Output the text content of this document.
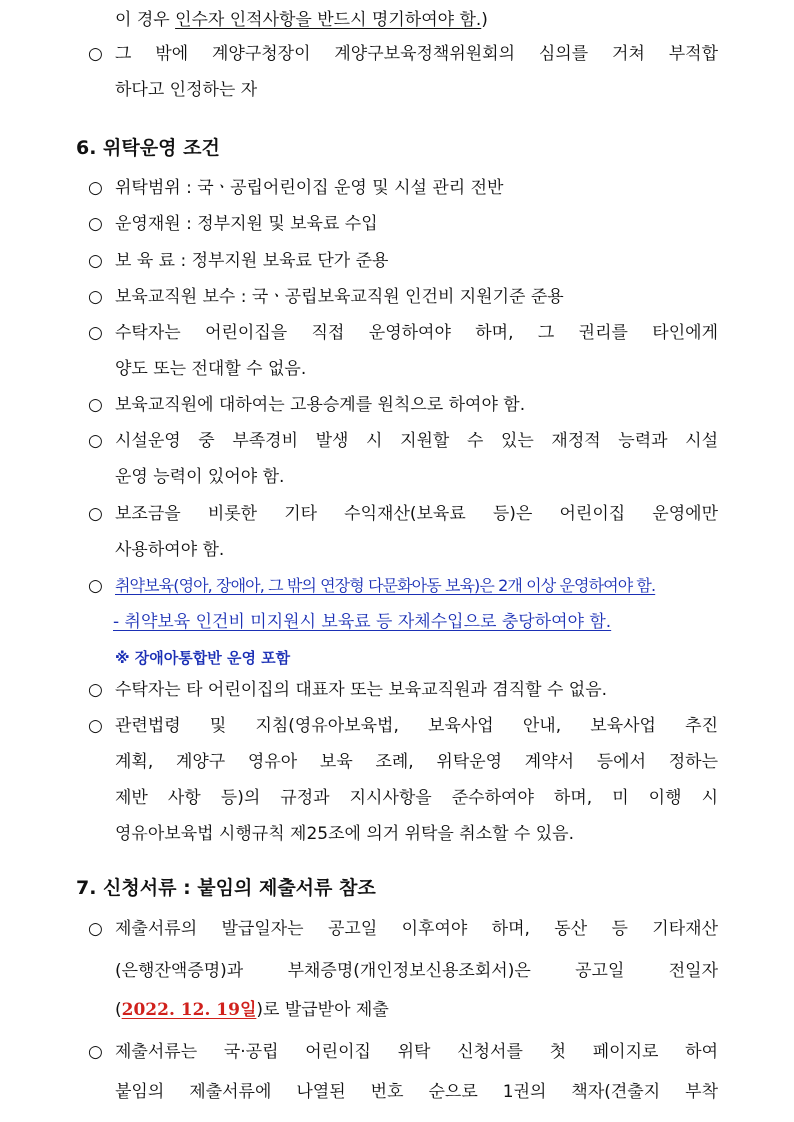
이 경우 인수자 인적사항을 반드시 명기하여야 함.)
○ 그 밖에 계양구청장이 계양구보육정책위원회의 심의를 거쳐 부적합
하다고 인정하는 자
6. 위탁운영 조건
○ 위탁범위 : 국ㆍ공립어린이집 운영 및 시설 관리 전반
○ 운영재원 : 정부지원 및 보육료 수입
○ 보 육 료 : 정부지원 보육료 단가 준용
○ 보육교직원 보수 : 국ㆍ공립보육교직원 인건비 지원기준 준용
○ 수탁자는 어린이집을 직접 운영하여야 하며, 그 권리를 타인에게
양도 또는 전대할 수 없음.
○ 보육교직원에 대하여는 고용승계를 원칙으로 하여야 함.
○ 시설운영 중 부족경비 발생 시 지원할 수 있는 재정적 능력과 시설
운영 능력이 있어야 함.
○ 보조금을 비롯한 기타 수익재산(보육료 등)은 어린이집 운영에만
사용하여야 함.
○ 취약보육(영아, 장애아, 그 밖의 연장형 다문화아동 보육)은 2개 이상 운영하여야 함.
- 취약보육 인건비 미지원시 보육료 등 자체수입으로 충당하여야 함.
※ 장애아통합반 운영 포함
○ 수탁자는 타 어린이집의 대표자 또는 보육교직원과 겸직할 수 없음.
○ 관련법령 및 지침(영유아보육법, 보육사업 안내, 보육사업 추진
계획, 계양구 영유아 보육 조례, 위탁운영 계약서 등에서 정하는
제반 사항 등)의 규정과 지시사항을 준수하여야 하며, 미 이행 시
영유아보육법 시행규칙 제25조에 의거 위탁을 취소할 수 있음.
7. 신청서류 : 붙임의 제출서류 참조
○ 제출서류의 발급일자는 공고일 이후여야 하며, 동산 등 기타재산
(은행잔액증명)과 부채증명(개인정보신용조회서)은 공고일 전일자
(2022. 12. 19일)로 발급받아 제출
○ 제출서류는 국·공립 어린이집 위탁 신청서를 첫 페이지로 하여
붙임의 제출서류에 나열된 번호 순으로 1권의 책자(견출지 부착
